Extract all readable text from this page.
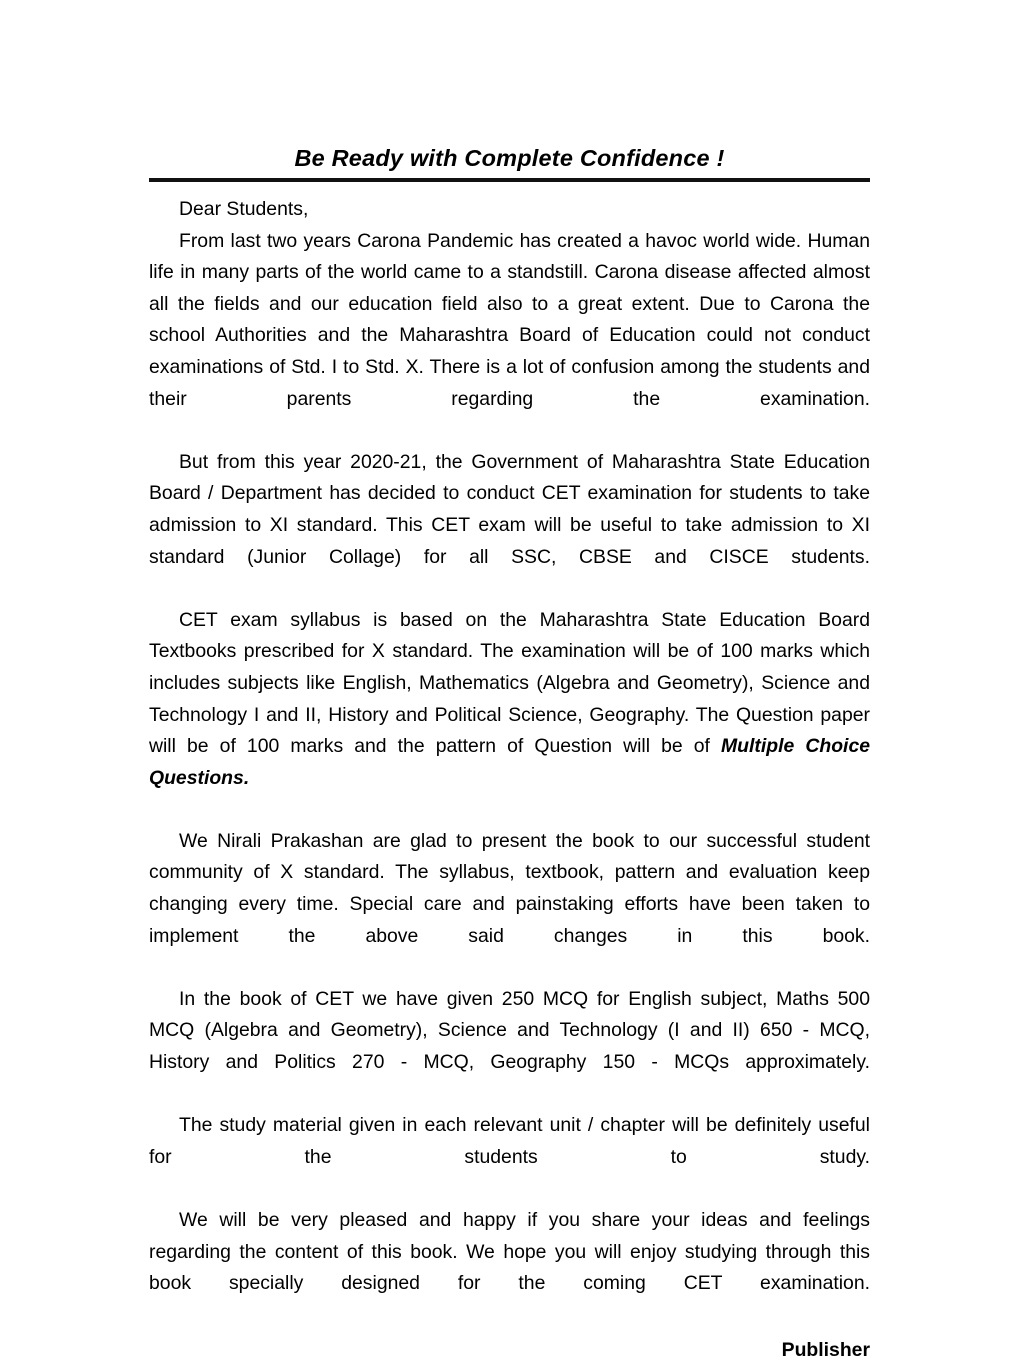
Be Ready with Complete Confidence !

Dear Students,

From last two years Carona Pandemic has created a havoc world wide. Human life in many parts of the world came to a standstill. Carona disease affected almost all the fields and our education field also to a great extent. Due to Carona the school Authorities and the Maharashtra Board of Education could not conduct examinations of Std. I to Std. X. There is a lot of confusion among the students and their parents regarding the examination.

But from this year 2020-21, the Government of Maharashtra State Education Board / Department has decided to conduct CET examination for students to take admission to XI standard. This CET exam will be useful to take admission to XI standard (Junior Collage) for all SSC, CBSE and CISCE students.

CET exam syllabus is based on the Maharashtra State Education Board Textbooks prescribed for X standard. The examination will be of 100 marks which includes subjects like English, Mathematics (Algebra and Geometry), Science and Technology I and II, History and Political Science, Geography. The Question paper will be of 100 marks and the pattern of Question will be of Multiple Choice Questions.

We Nirali Prakashan are glad to present the book to our successful student community of X standard. The syllabus, textbook, pattern and evaluation keep changing every time. Special care and painstaking efforts have been taken to implement the above said changes in this book.

In the book of CET we have given 250 MCQ for English subject, Maths 500 MCQ (Algebra and Geometry), Science and Technology (I and II) 650 - MCQ, History and Politics 270 - MCQ, Geography 150 - MCQs approximately.

The study material given in each relevant unit / chapter will be definitely useful for the students to study.

We will be very pleased and happy if you share your ideas and feelings regarding the content of this book. We hope you will enjoy studying through this book specially designed for the coming CET examination.

Publisher
